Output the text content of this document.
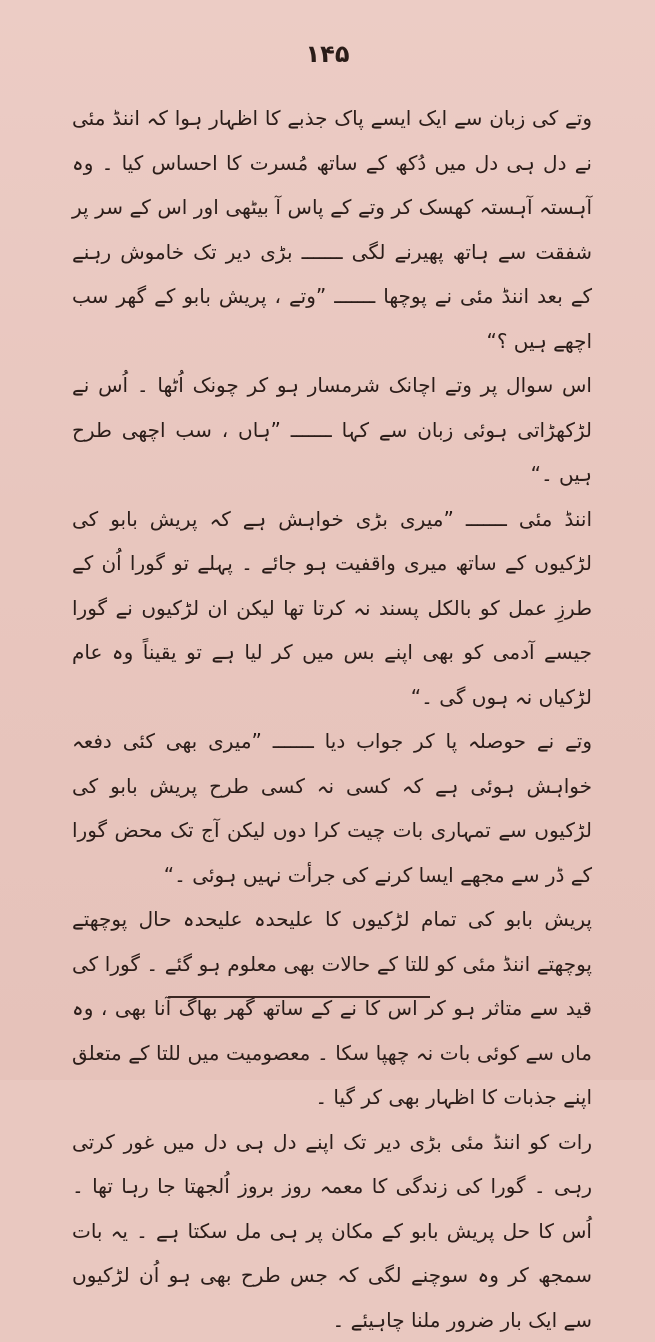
۱۴۵

وتے کی زبان سے ایک ایسے پاک جذبے کا اظہار ہوا کہ اننڈ مئی نے دل ہی دل میں دُکھ کے ساتھ مُسرت کا احساس کیا ۔ وہ آہستہ آہستہ کھسک کر وتے کے پاس آ بیٹھی اور اس کے سر پر شفقت سے ہاتھ پھیرنے لگی ـــــــ بڑی دیر تک خاموش رہنے کے بعد اننڈ مئی نے پوچھا ـــــــ ”وتے ، پریش بابو کے گھر سب اچھے ہیں ؟“

اس سوال پر وتے اچانک شرمسار ہو کر چونک اُٹھا ۔ اُس نے لڑکھڑاتی ہوئی زبان سے کہا ـــــــ ”ہاں ، سب اچھی طرح ہیں ۔“

اننڈ مئی ـــــــ ”میری بڑی خواہش ہے کہ پریش بابو کی لڑکیوں کے ساتھ میری واقفیت ہو جائے ۔ پہلے تو گورا اُن کے طرزِ عمل کو بالکل پسند نہ کرتا تھا لیکن ان لڑکیوں نے گورا جیسے آدمی کو بھی اپنے بس میں کر لیا ہے تو یقیناً وہ عام لڑکیاں نہ ہوں گی ۔“

وتے نے حوصلہ پا کر جواب دیا ـــــــ ”میری بھی کئی دفعہ خواہش ہوئی ہے کہ کسی نہ کسی طرح پریش بابو کی لڑکیوں سے تمہاری بات چیت کرا دوں لیکن آج تک محض گورا کے ڈر سے مجھے ایسا کرنے کی جرأت نہیں ہوئی ۔“

پریش بابو کی تمام لڑکیوں کا علیحدہ علیحدہ حال پوچھتے پوچھتے اننڈ مئی کو للتا کے حالات بھی معلوم ہو گئے ۔ گورا کی قید سے متاثر ہو کر اس کا نے کے ساتھ گھر بھاگ آنا بھی ، وہ ماں سے کوئی بات نہ چھپا سکا ۔ معصومیت میں للتا کے متعلق اپنے جذبات کا اظہار بھی کر گیا ۔

رات کو اننڈ مئی بڑی دیر تک اپنے دل ہی دل میں غور کرتی رہی ۔ گورا کی زندگی کا معمہ روز بروز اُلجھتا جا رہا تھا ۔ اُس کا حل پریش بابو کے مکان پر ہی مل سکتا ہے ۔ یہ بات سمجھ کر وہ سوچنے لگی کہ جس طرح بھی ہو اُن لڑکیوں سے ایک بار ضرور ملنا چاہیئے ۔
